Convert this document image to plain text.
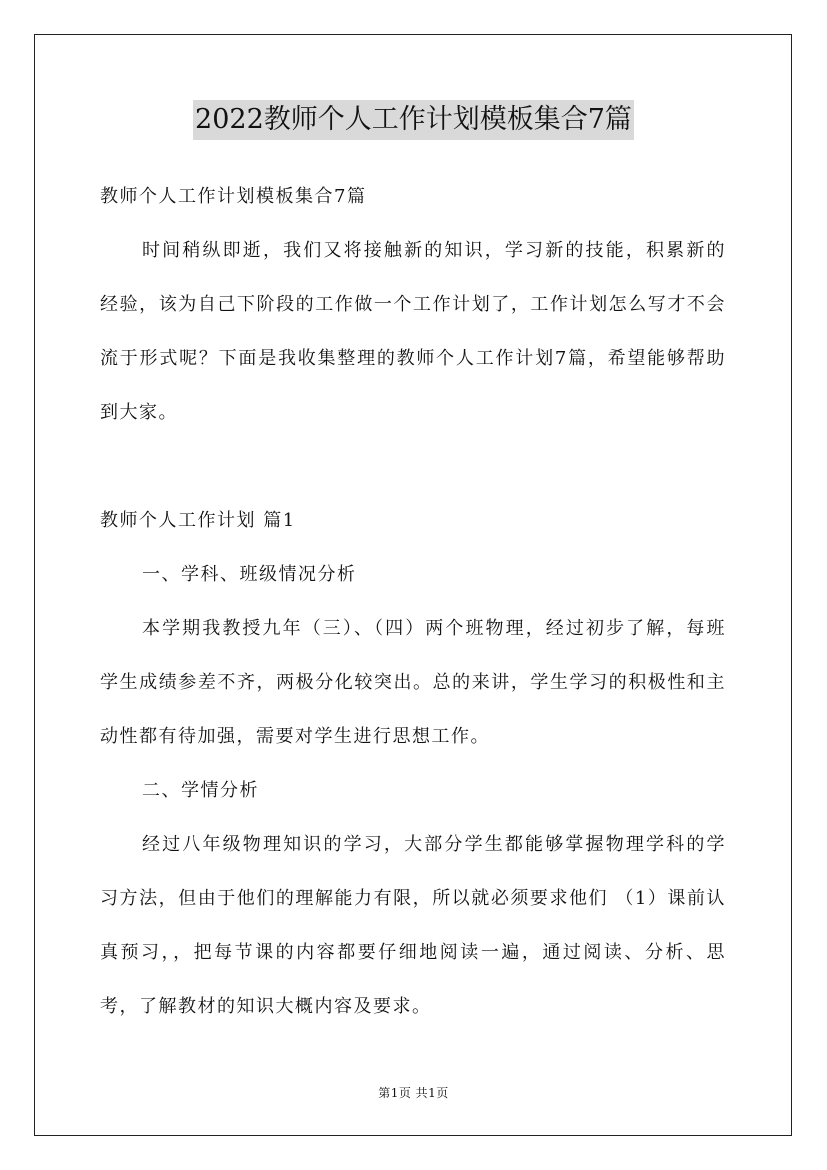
2022教师个人工作计划模板集合7篇

教师个人工作计划模板集合7篇

时间稍纵即逝，我们又将接触新的知识，学习新的技能，积累新的经验，该为自己下阶段的工作做一个工作计划了，工作计划怎么写才不会流于形式呢？下面是我收集整理的教师个人工作计划7篇，希望能够帮助到大家。

教师个人工作计划 篇1

一、学科、班级情况分析

本学期我教授九年（三）、（四）两个班物理，经过初步了解，每班学生成绩参差不齐，两极分化较突出。总的来讲，学生学习的积极性和主动性都有待加强，需要对学生进行思想工作。

二、学情分析

经过八年级物理知识的学习，大部分学生都能够掌握物理学科的学习方法，但由于他们的理解能力有限，所以就必须要求他们 （1）课前认真预习，，把每节课的内容都要仔细地阅读一遍，通过阅读、分析、思考，了解教材的知识大概内容及要求。

第1页 共1页
